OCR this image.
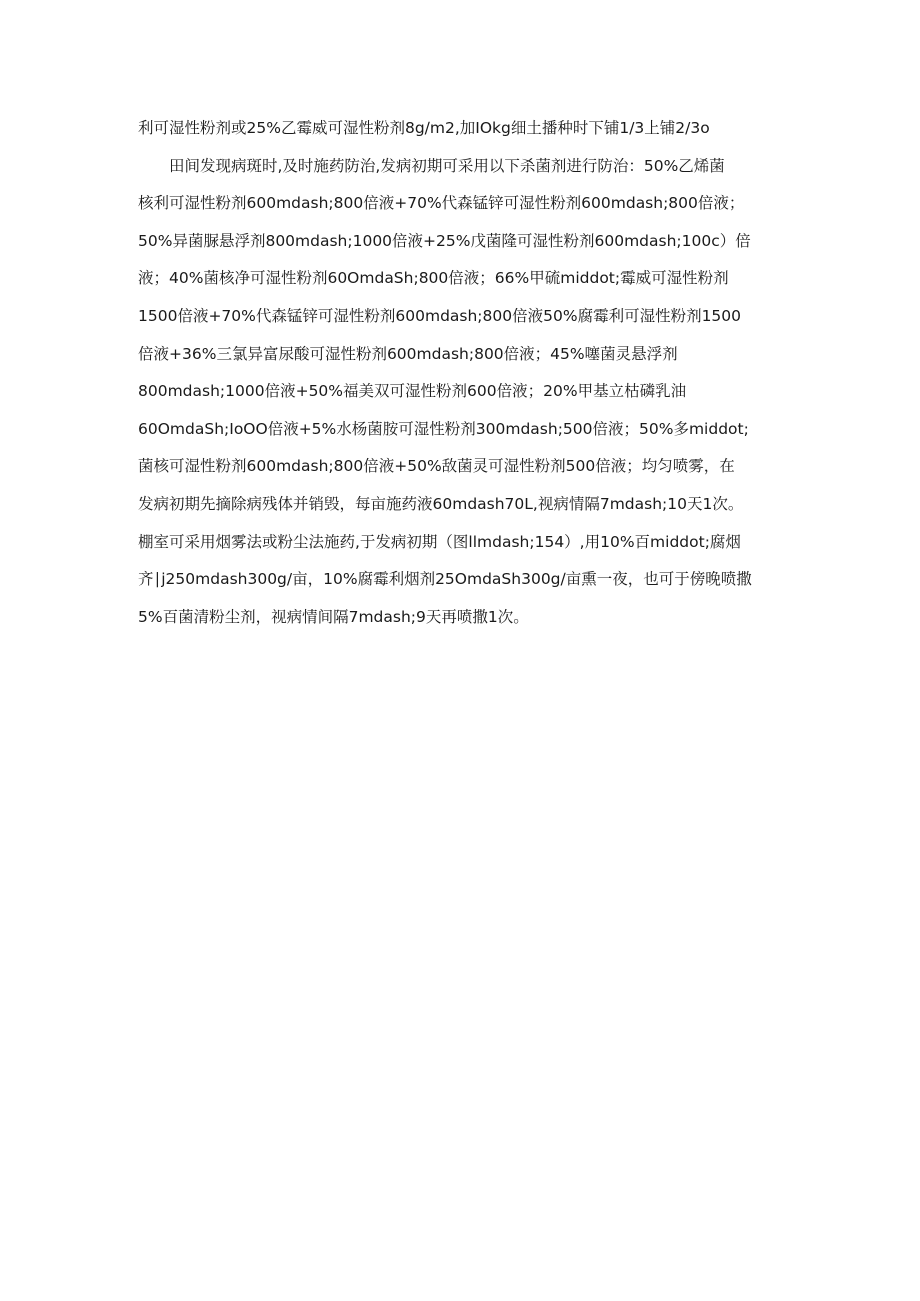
利可湿性粉剂或25%乙霉威可湿性粉剂8g∕m2,加IOkg细土播种时下铺1/3上铺2/3o
田间发现病斑时,及时施药防治,发病初期可采用以下杀菌剂进行防治：50%乙烯菌
核利可湿性粉剂600mdash;800倍液+70%代森锰锌可湿性粉剂600mdash;800倍液；
50%异菌脲悬浮剂800mdash;1000倍液+25%戊菌隆可湿性粉剂600mdash;100c）倍
液；40%菌核净可湿性粉剂60OmdaSh;800倍液；66%甲硫middot;霉威可湿性粉剂
1500倍液+70%代森锰锌可湿性粉剂600mdash;800倍液50%腐霉利可湿性粉剂1500
倍液+36%三氯异富尿酸可湿性粉剂600mdash;800倍液；45%噻菌灵悬浮剂
800mdash;1000倍液+50%福美双可湿性粉剂600倍液；20%甲基立枯磷乳油
60OmdaSh;IoOO倍液+5%水杨菌胺可湿性粉剂300mdash;500倍液；50%多middot;
菌核可湿性粉剂600mdash;800倍液+50%敌菌灵可湿性粉剂500倍液；均匀喷雾，在
发病初期先摘除病残体并销毁，每亩施药液60mdash70L,视病情隔7mdash;10天1次。
棚室可采用烟雾法或粉尘法施药,于发病初期（图llmdash;154）,用10%百middot;腐烟
齐∣j250mdash300g/亩，10%腐霉利烟剂25OmdaSh300g∕亩熏一夜，也可于傍晚喷撒
5%百菌清粉尘剂，视病情间隔7mdash;9天再喷撒1次。
